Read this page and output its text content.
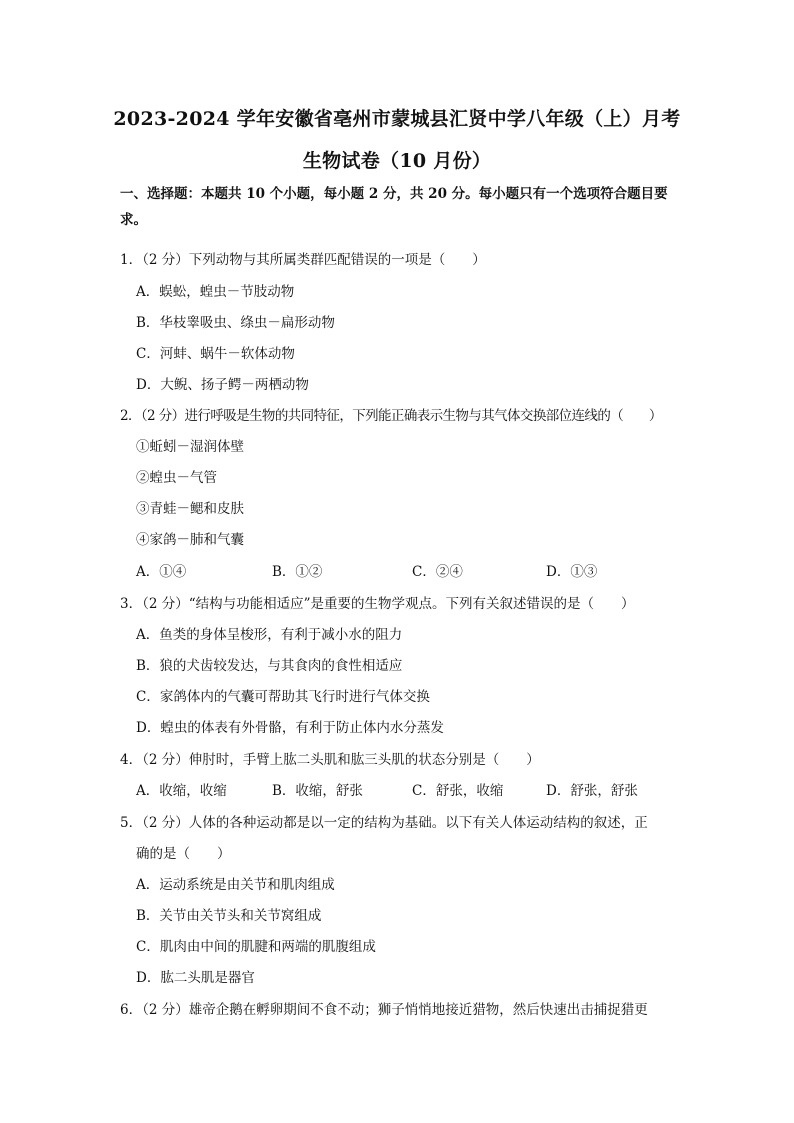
2023-2024 学年安徽省亳州市蒙城县汇贤中学八年级（上）月考
生物试卷（10 月份）
一、选择题：本题共 10 个小题，每小题 2 分，共 20 分。每小题只有一个选项符合题目要求。
1．（2 分）下列动物与其所属类群匹配错误的一项是（　　）
A．蜈蚣，蝗虫－节肢动物
B．华枝睾吸虫、绦虫－扁形动物
C．河蚌、蜗牛－软体动物
D．大鲵、扬子鳄－两栖动物
2．（2 分）进行呼吸是生物的共同特征，下列能正确表示生物与其气体交换部位连线的（　　）
①蚯蚓－湿润体壁
②蝗虫－气管
③青蛙－鳃和皮肤
④家鸽－肺和气囊
A．①④	B．①②	C．②④	D．①③
3．（2 分）“结构与功能相适应”是重要的生物学观点。下列有关叙述错误的是（　　）
A．鱼类的身体呈梭形，有利于减小水的阻力
B．狼的犬齿较发达，与其食肉的食性相适应
C．家鸽体内的气囊可帮助其飞行时进行气体交换
D．蝗虫的体表有外骨骼，有利于防止体内水分蒸发
4．（2 分）伸肘时，手臂上肱二头肌和肱三头肌的状态分别是（　　）
A．收缩，收缩	B．收缩，舒张	C．舒张，收缩	D．舒张，舒张
5．（2 分）人体的各种运动都是以一定的结构为基础。以下有关人体运动结构的叙述，正
确的是（　　）
A．运动系统是由关节和肌肉组成
B．关节由关节头和关节窝组成
C．肌肉由中间的肌腱和两端的肌腹组成
D．肱二头肌是器官
6．（2 分）雄帝企鹅在孵卵期间不食不动；狮子悄悄地接近猎物，然后快速出击捕捉猎更
